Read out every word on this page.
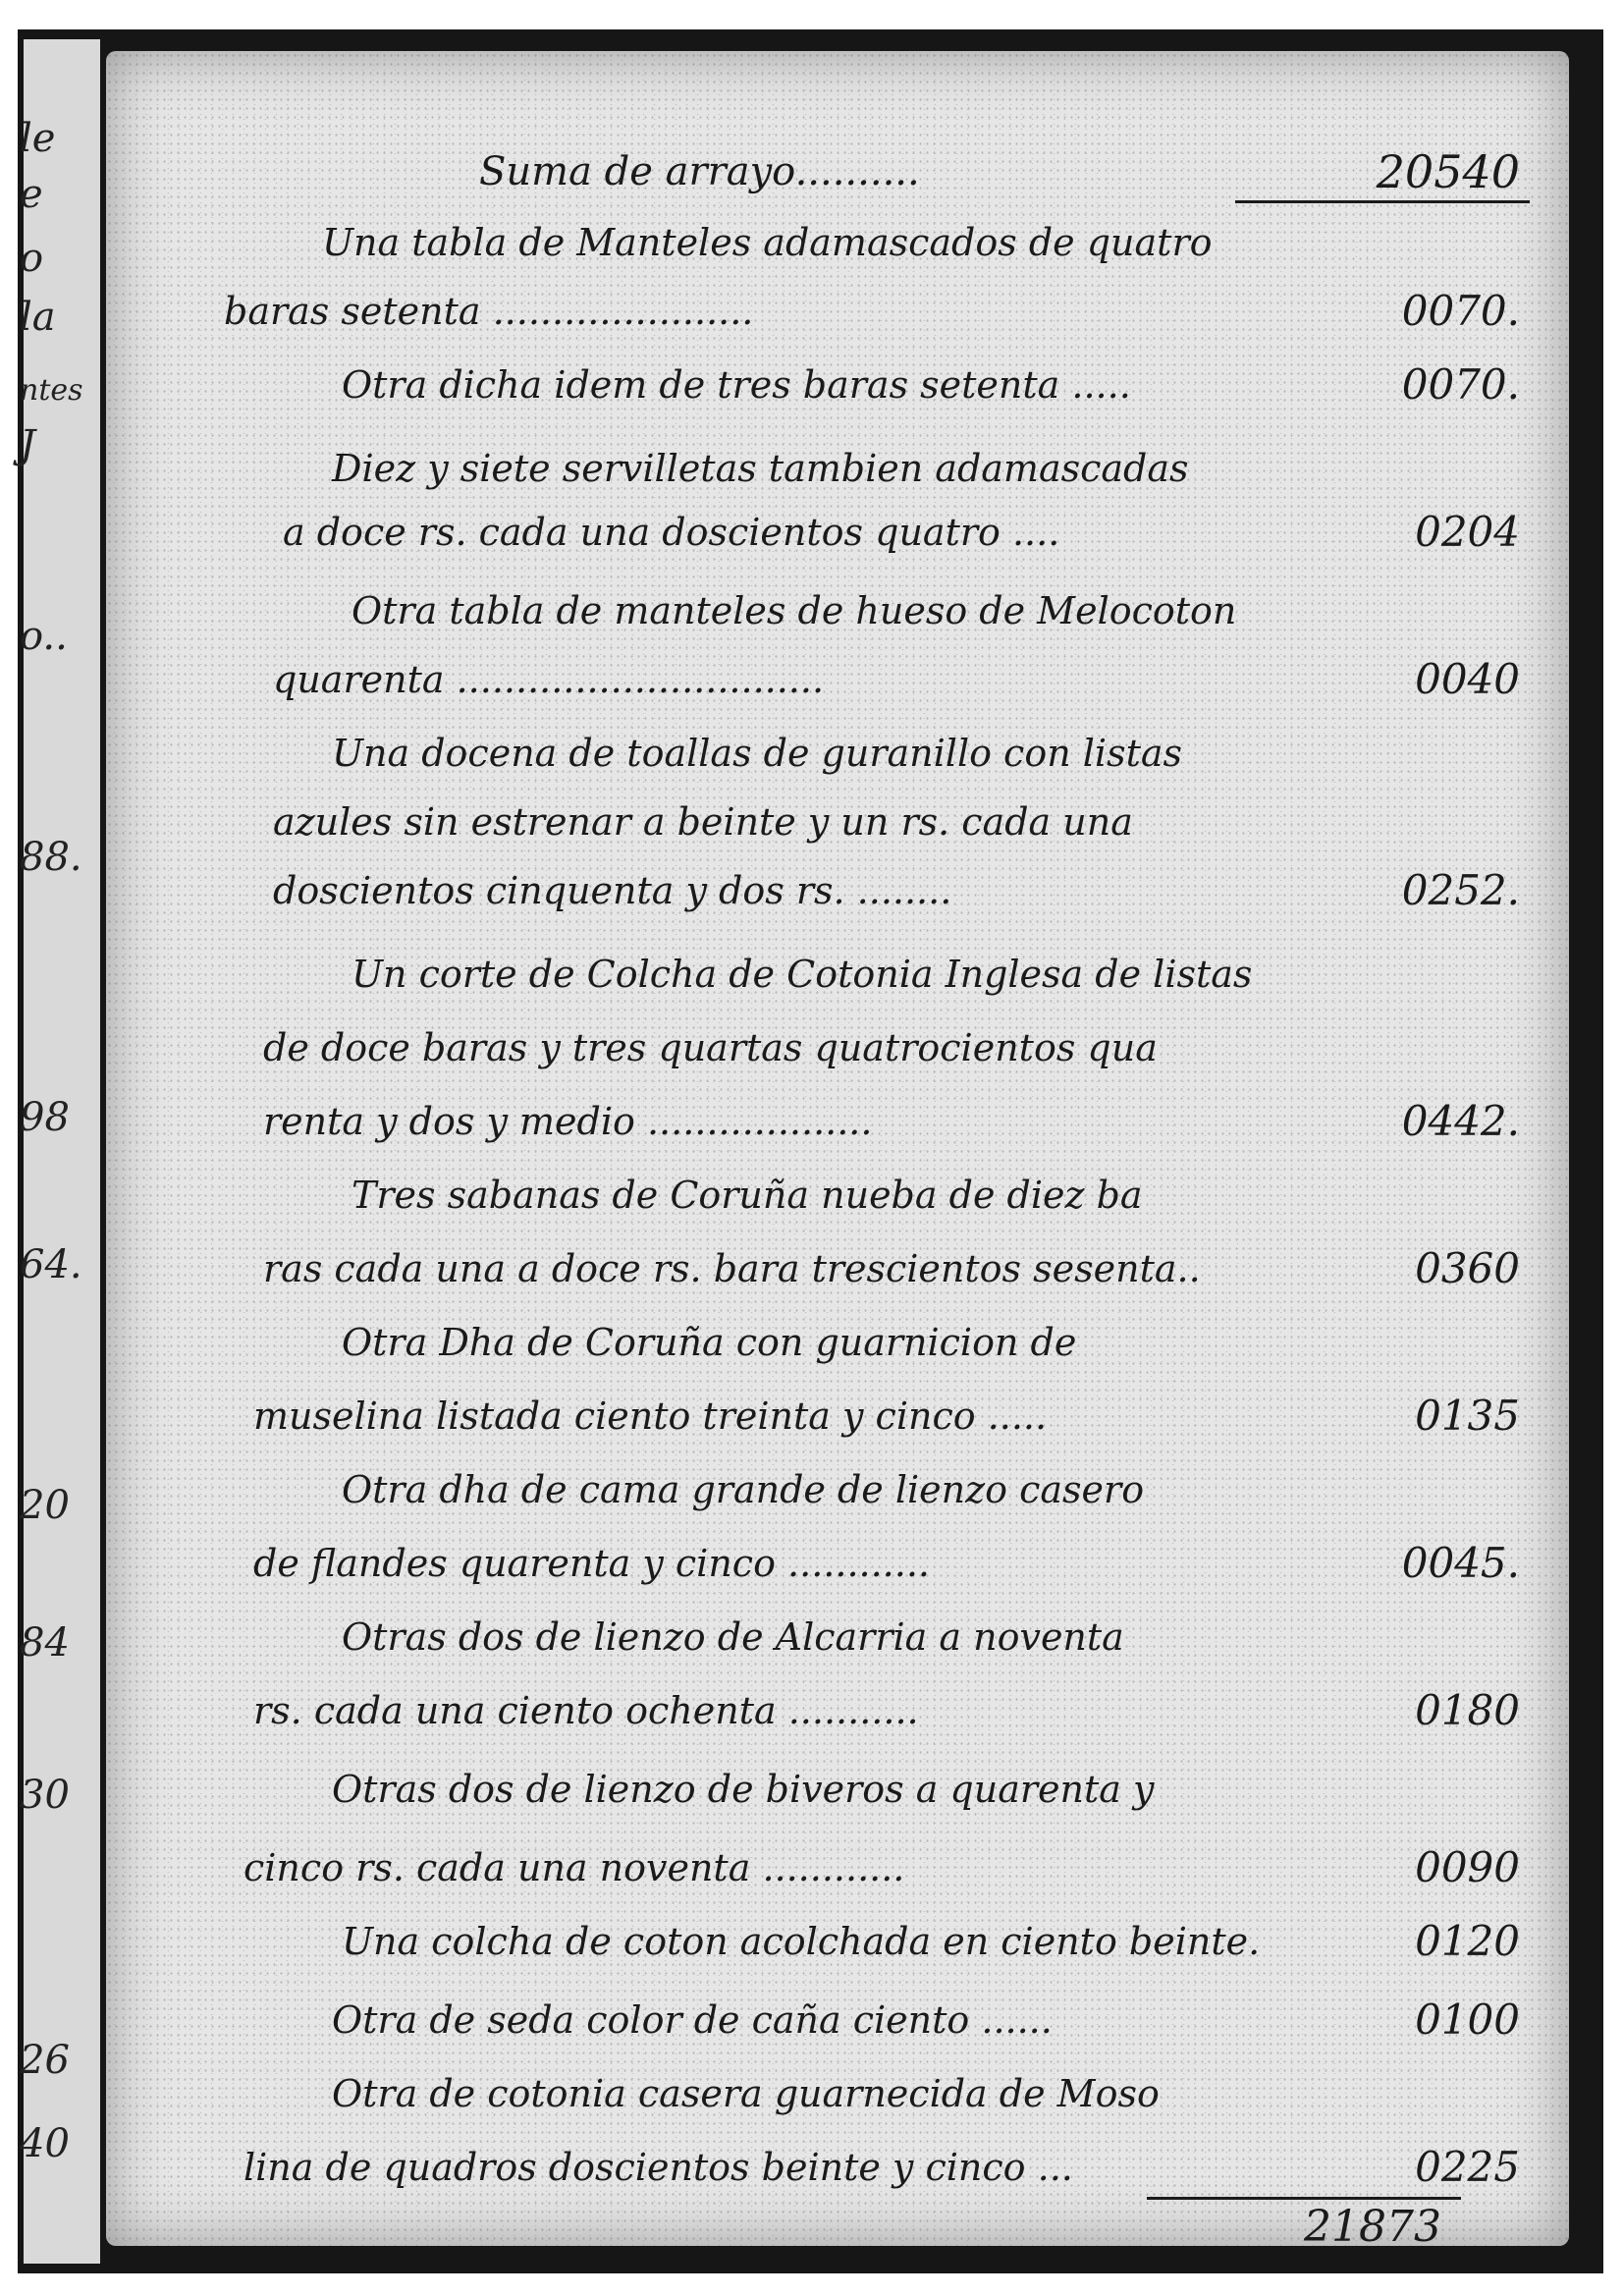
le
e
o
la
ntes
J
o..
88.
98
64.
20
84
30
26
40
Suma de arrayo..........	20540
Una tabla de Manteles adamascados de quatro
baras setenta ......................	0070.
Otra dicha idem de tres baras setenta .....	0070.
Diez y siete servilletas tambien adamascadas
a doce rs. cada una doscientos quatro ....	0204
Otra tabla de manteles de hueso de Melocoton
quarenta ...............................	0040
Una docena de toallas de guranillo con listas
azules sin estrenar a beinte y un rs. cada una
doscientos cinquenta y dos rs. ........	0252.
Un corte de Colcha de Cotonia Inglesa de listas
de doce baras y tres quartas quatrocientos qua
renta y dos y medio ...................	0442.
Tres sabanas de Coruña nueba de diez ba
ras cada una a doce rs. bara trescientos sesenta..	0360
Otra Dha de Coruña con guarnicion de
muselina listada ciento treinta y cinco .....	0135
Otra dha de cama grande de lienzo casero
de flandes quarenta y cinco ............	0045.
Otras dos de lienzo de Alcarria a noventa
rs. cada una ciento ochenta ...........	0180
Otras dos de lienzo de biveros a quarenta y
cinco rs. cada una noventa ............	0090
Una colcha de coton acolchada en ciento beinte.	0120
Otra de seda color de caña ciento ......	0100
Otra de cotonia casera guarnecida de Moso
lina de quadros doscientos beinte y cinco ...	0225
21873
